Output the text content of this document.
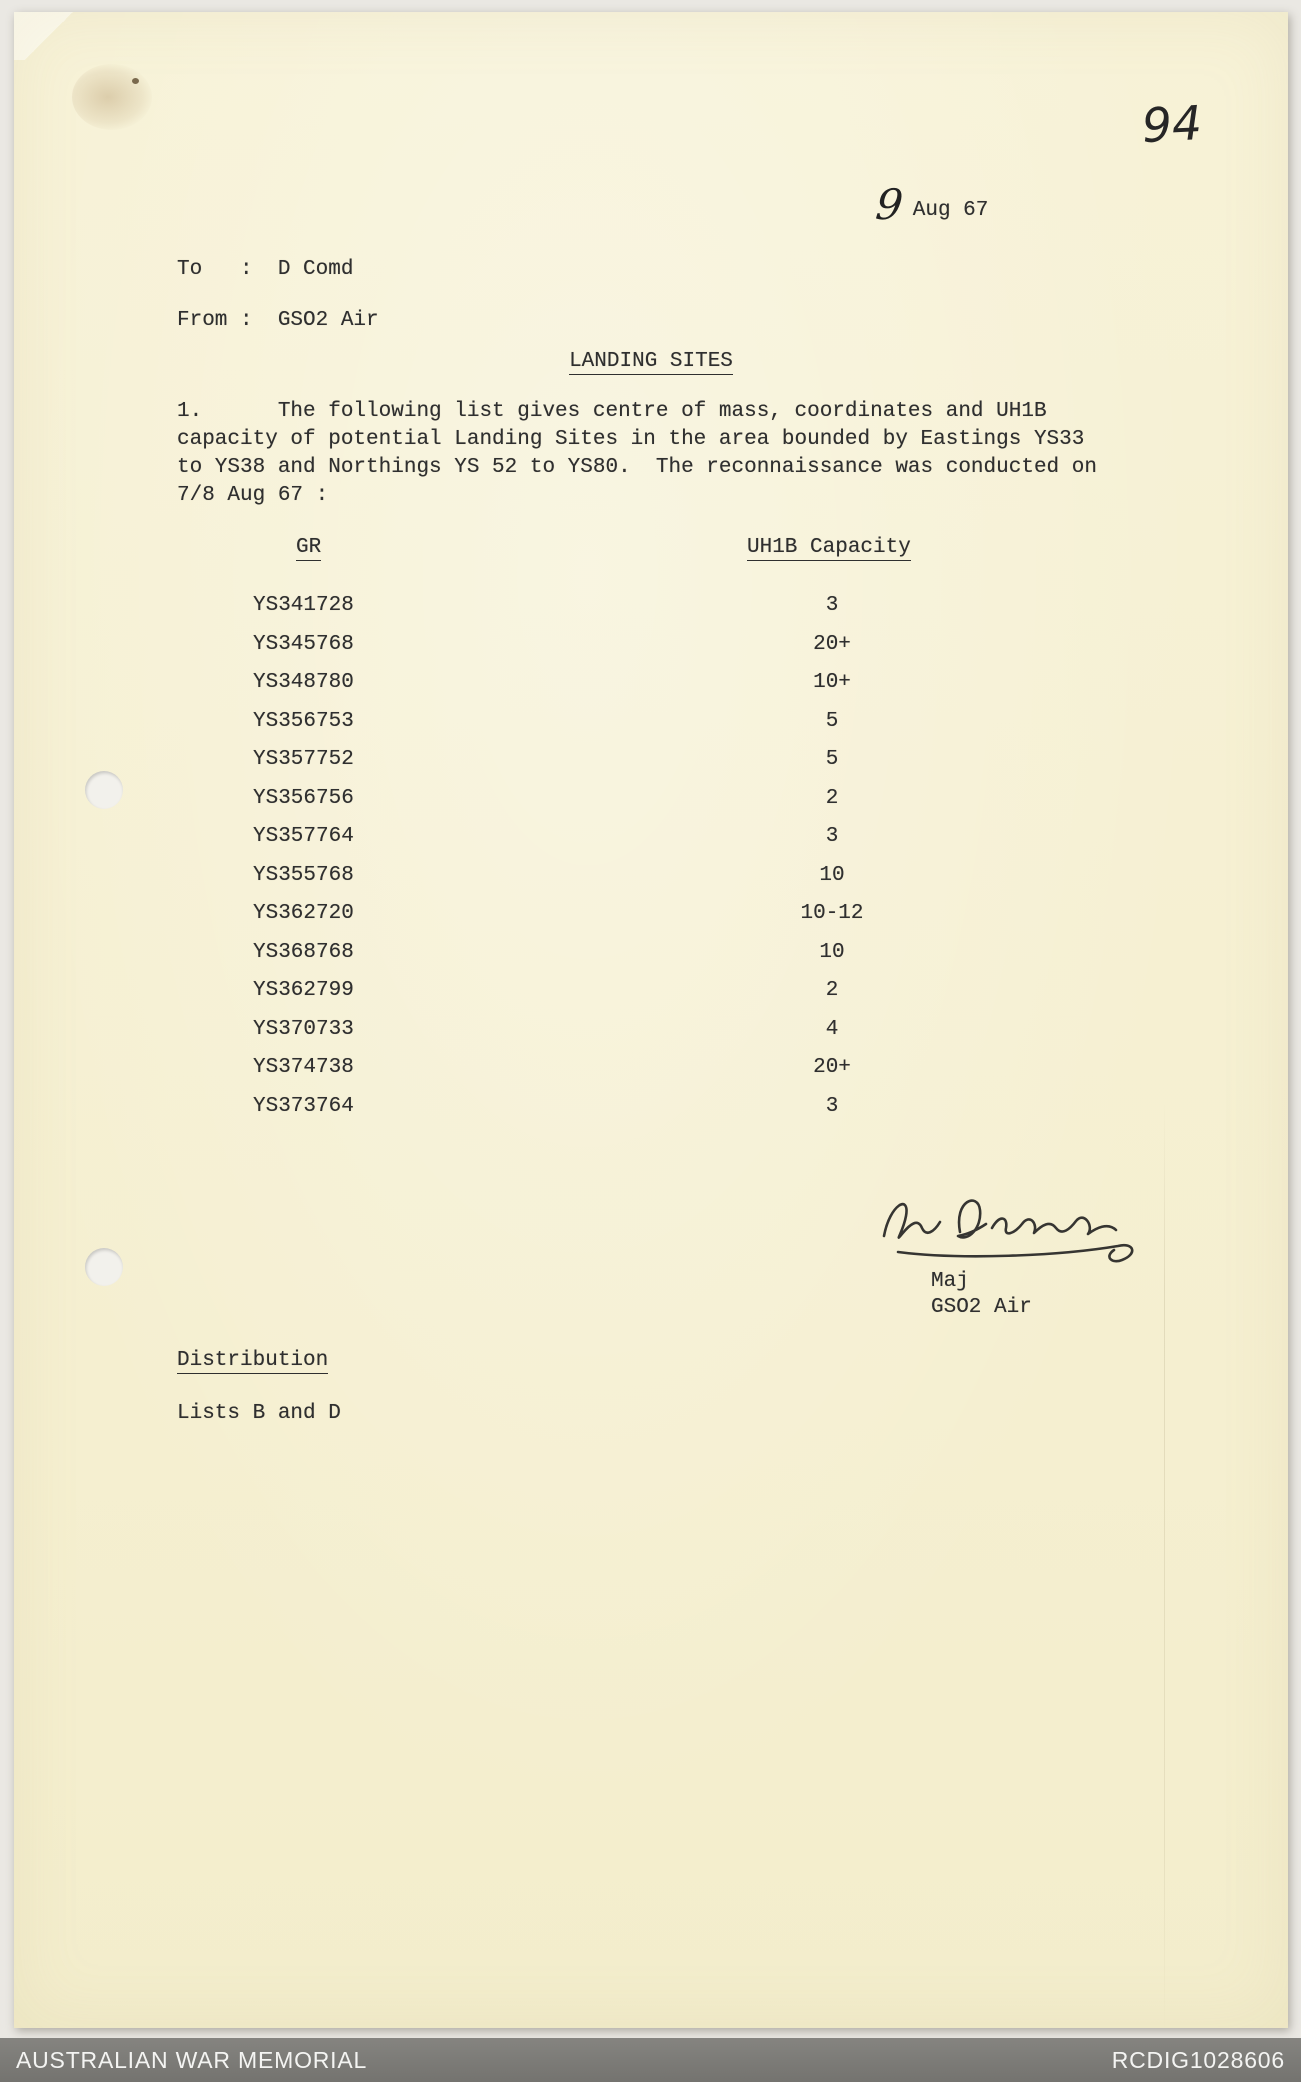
94
9 Aug 67
To   :  D Comd
From :  GSO2 Air
LANDING SITES
1.      The following list gives centre of mass, coordinates and UH1B capacity of potential Landing Sites in the area bounded by Eastings YS33 to YS38 and Northings YS 52 to YS80.  The reconnaissance was conducted on 7/8 Aug 67 :
GR	UH1B Capacity
YS341728	3
YS345768	20+
YS348780	10+
YS356753	5
YS357752	5
YS356756	2
YS357764	3
YS355768	10
YS362720	10-12
YS368768	10
YS362799	2
YS370733	4
YS374738	20+
YS373764	3
Maj
GSO2 Air
Distribution
Lists B and D
AUSTRALIAN WAR MEMORIAL	RCDIG1028606
